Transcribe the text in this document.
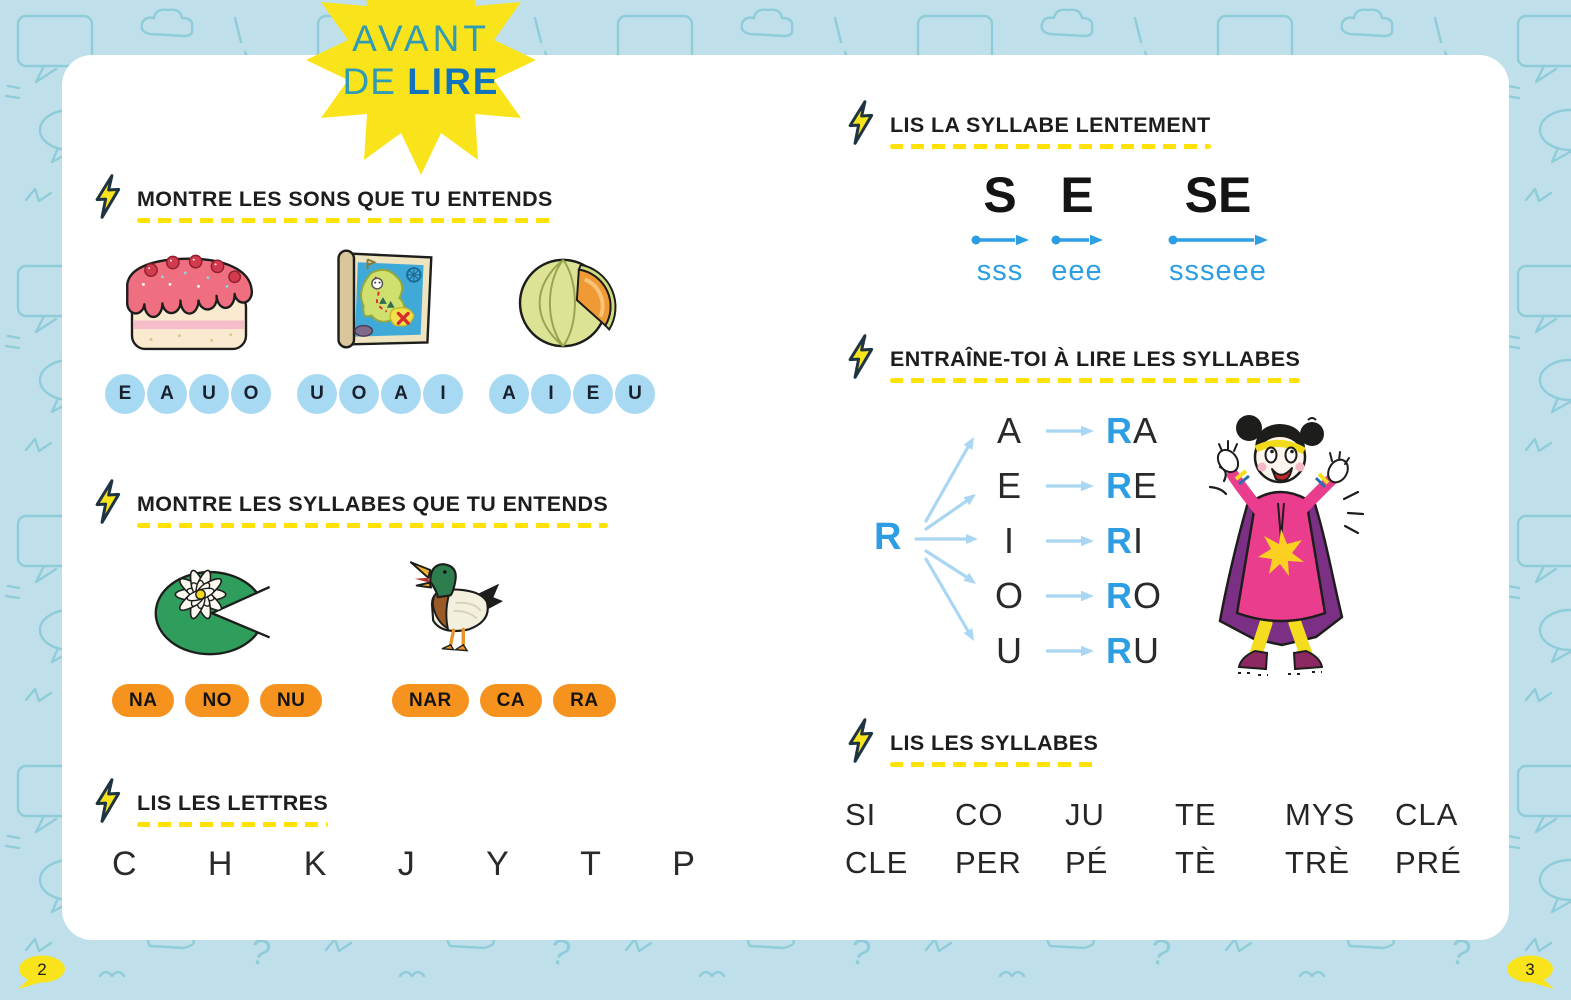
AVANT
DE LIRE
MONTRE LES SONS QUE TU ENTENDS
E	A	U	O	U	O	A	I	A	I	E	U
MONTRE LES SYLLABES QUE TU ENTENDS
NA	NO	NU	NAR	CA	RA
LIS LES LETTRES
C H K J Y T P
LIS LA SYLLABE LENTEMENT
S
sss
E
eee
SE
ssseee
ENTRAÎNE-TOI À LIRE LES SYLLABES
R
A	RA
E	RE
I	RI
O RO
U RU
LIS LES SYLLABES
SI	CO	JU	TE	MYS	CLA
CLE	PER	PÉ	TÈ	TRÈ	PRÉ
2	3
